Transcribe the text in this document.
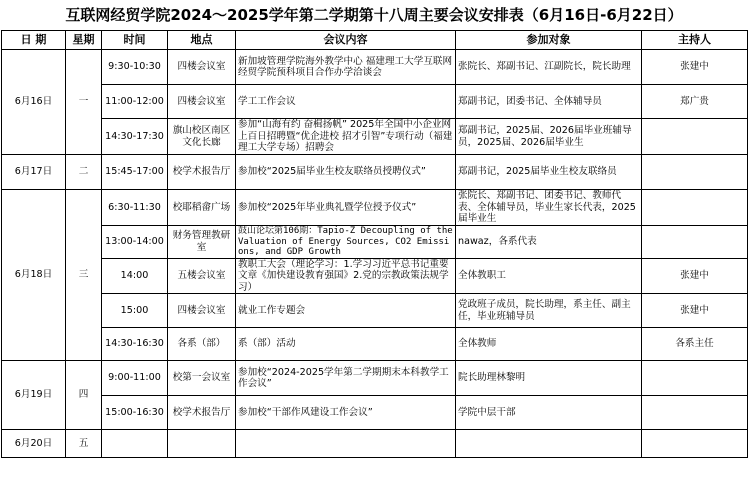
互联网经贸学院2024～2025学年第二学期第十八周主要会议安排表（6月16日-6月22日）
日 期	星期	时间	地点	会议内容	参加对象	主持人
6月16日	一	9:30-10:30	四楼会议室	新加坡管理学院海外教学中心 福建理工大学互联网经贸学院预科项目合作办学洽谈会	张院长、郑副书记、江副院长，院长助理	张建中
		11:00-12:00	四楼会议室	学工工作会议	郑副书记，团委书记、全体辅导员	郑广贵
		14:30-17:30	旗山校区南区文化长廊	参加“山海有约 奋楫扬帆” 2025年全国中小企业网上百日招聘暨“优企进校 招才引智”专项行动（福建理工大学专场）招聘会	郑副书记，2025届、2026届毕业班辅导员，2025届、2026届毕业生	
6月17日	二	15:45-17:00	校学术报告厅	参加校“2025届毕业生校友联络员授聘仪式”	郑副书记，2025届毕业生校友联络员	
6月18日	三	6:30-11:30	校耶稻畲广场	参加校“2025年毕业典礼暨学位授予仪式”	张院长、郑副书记、团委书记、教师代表、全体辅导员，毕业生家长代表，2025届毕业生	
		13:00-14:00	财务管理教研室	鼓山论坛第106期：Tapio-Z Decoupling of the Valuation of Energy Sources, CO2 Emissions, and GDP Growth	nawaz，各系代表	
		14:00	五楼会议室	教职工大会（理论学习：1.学习习近平总书记重要文章《加快建设教育强国》2.党的宗教政策法规学习）	全体教职工	张建中
		15:00	四楼会议室	就业工作专题会	党政班子成员，院长助理，系主任、副主任，毕业班辅导员	张建中
		14:30-16:30	各系（部）	系（部）活动	全体教师	各系主任
6月19日	四	9:00-11:00	校第一会议室	参加校“2024-2025学年第二学期期末本科教学工作会议”	院长助理林黎明	
		15:00-16:30	校学术报告厅	参加校“干部作风建设工作会议”	学院中层干部	
6月20日	五					
